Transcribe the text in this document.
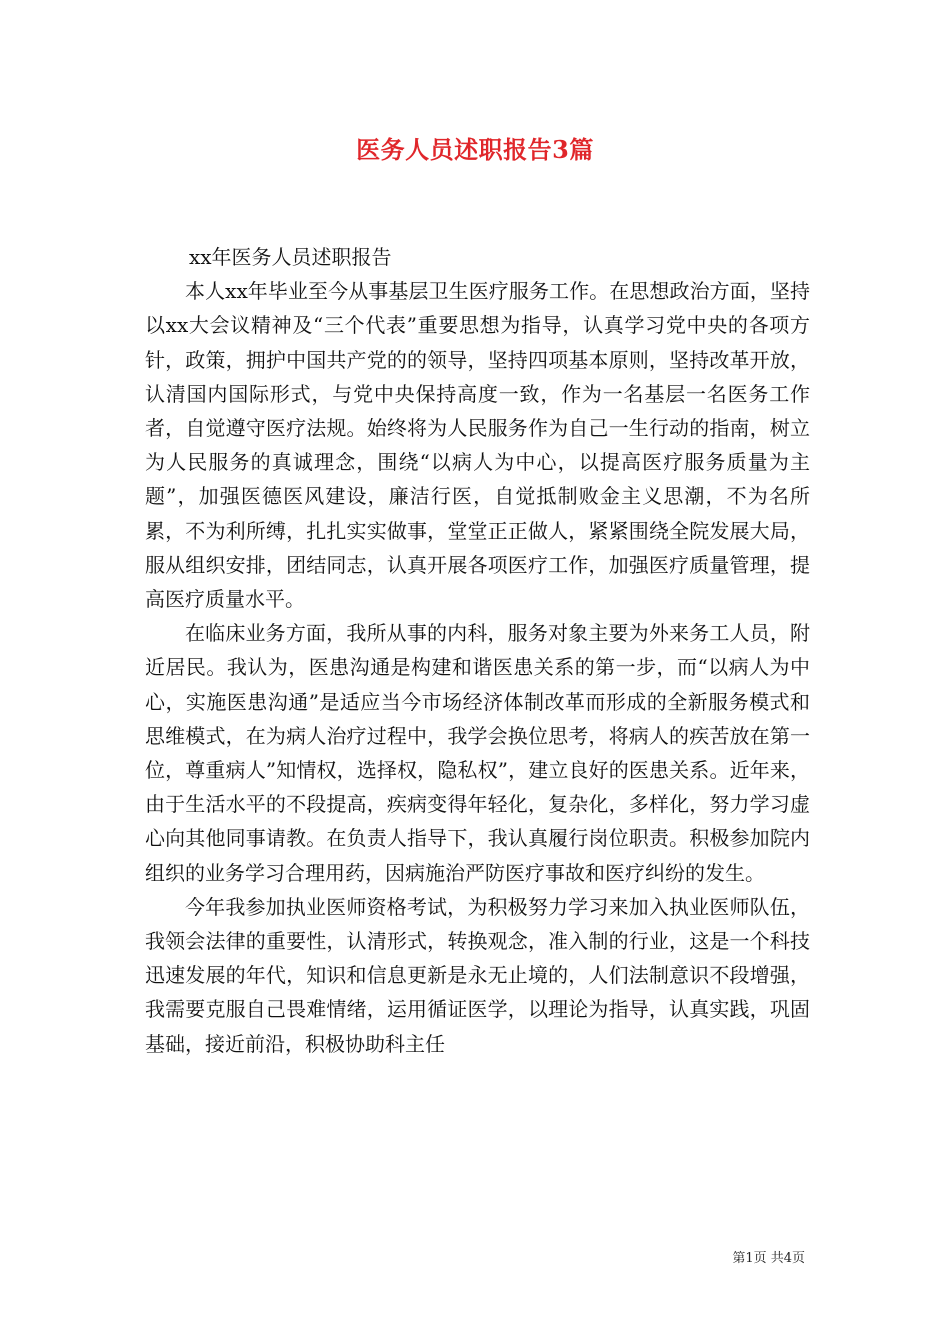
医务人员述职报告3篇

xx年医务人员述职报告

本人xx年毕业至今从事基层卫生医疗服务工作。在思想政治方面，坚持以xx大会议精神及“三个代表”重要思想为指导，认真学习党中央的各项方针，政策，拥护中国共产党的的领导，坚持四项基本原则，坚持改革开放，认清国内国际形式，与党中央保持高度一致，作为一名基层一名医务工作者，自觉遵守医疗法规。始终将为人民服务作为自己一生行动的指南，树立为人民服务的真诚理念，围绕“以病人为中心，以提高医疗服务质量为主题”，加强医德医风建设，廉洁行医，自觉抵制败金主义思潮，不为名所累，不为利所缚，扎扎实实做事，堂堂正正做人，紧紧围绕全院发展大局，服从组织安排，团结同志，认真开展各项医疗工作，加强医疗质量管理，提高医疗质量水平。

在临床业务方面，我所从事的内科，服务对象主要为外来务工人员，附近居民。我认为，医患沟通是构建和谐医患关系的第一步，而“以病人为中心，实施医患沟通”是适应当今市场经济体制改革而形成的全新服务模式和思维模式，在为病人治疗过程中，我学会换位思考，将病人的疾苦放在第一位，尊重病人”知情权，选择权，隐私权”，建立良好的医患关系。近年来，由于生活水平的不段提高，疾病变得年轻化，复杂化，多样化，努力学习虚心向其他同事请教。在负责人指导下，我认真履行岗位职责。积极参加院内组织的业务学习合理用药，因病施治严防医疗事故和医疗纠纷的发生。

今年我参加执业医师资格考试，为积极努力学习来加入执业医师队伍，我领会法律的重要性，认清形式，转换观念，准入制的行业，这是一个科技迅速发展的年代，知识和信息更新是永无止境的，人们法制意识不段增强，我需要克服自己畏难情绪，运用循证医学，以理论为指导，认真实践，巩固基础，接近前沿，积极协助科主任

第1页 共4页
